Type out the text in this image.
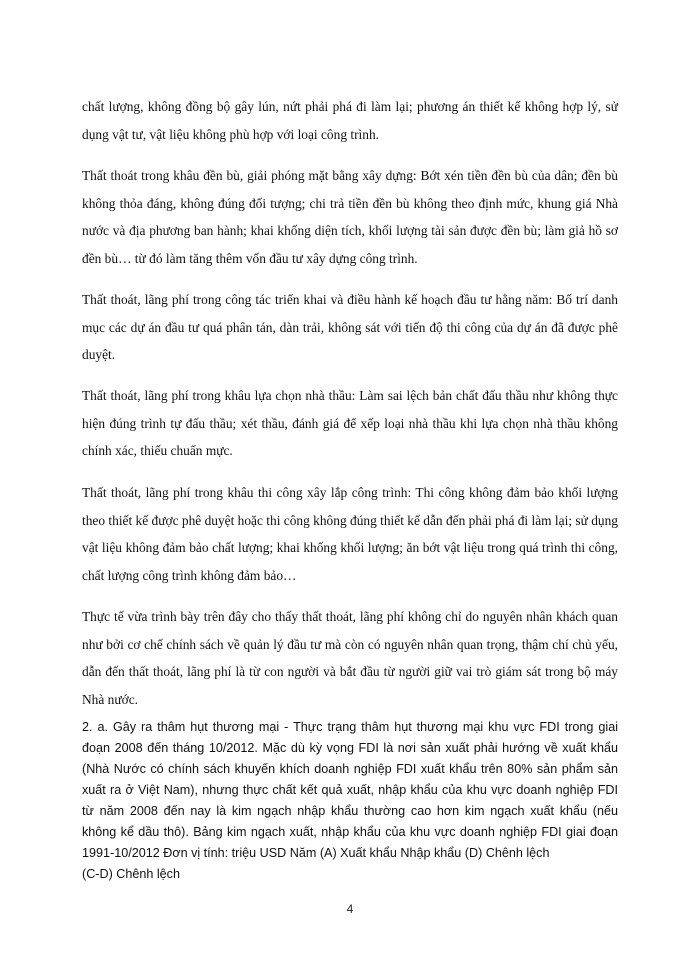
chất lượng, không đồng bộ gây lún, nứt phải phá đi làm lại; phương án thiết kế không hợp lý, sử dụng vật tư, vật liệu không phù hợp với loại công trình.

Thất thoát trong khâu đền bù, giải phóng mặt bằng xây dựng: Bớt xén tiền đền bù của dân; đền bù không thỏa đáng, không đúng đối tượng; chi trả tiền đền bù không theo định mức, khung giá Nhà nước và địa phương ban hành; khai khống diện tích, khối lượng tài sản được đền bù; làm giả hồ sơ đền bù… từ đó làm tăng thêm vốn đầu tư xây dựng công trình.

Thất thoát, lãng phí trong công tác triển khai và điều hành kế hoạch đầu tư hằng năm: Bố trí danh mục các dự án đầu tư quá phân tán, dàn trải, không sát với tiến độ thi công của dự án đã được phê duyệt.

Thất thoát, lãng phí trong khâu lựa chọn nhà thầu: Làm sai lệch bản chất đấu thầu như không thực hiện đúng trình tự đấu thầu; xét thầu, đánh giá để xếp loại nhà thầu khi lựa chọn nhà thầu không chính xác, thiếu chuẩn mực.

Thất thoát, lãng phí trong khâu thi công xây lắp công trình: Thi công không đảm bảo khối lượng theo thiết kế được phê duyệt hoặc thi công không đúng thiết kế dẫn đến phải phá đi làm lại; sử dụng vật liệu không đảm bảo chất lượng; khai khống khối lượng; ăn bớt vật liệu trong quá trình thi công, chất lượng công trình không đảm bảo…

Thực tế vừa trình bày trên đây cho thấy thất thoát, lãng phí không chỉ do nguyên nhân khách quan như bởi cơ chế chính sách về quản lý đầu tư mà còn có nguyên nhân quan trọng, thậm chí chủ yếu, dẫn đến thất thoát, lãng phí là từ con người và bắt đầu từ người giữ vai trò giám sát trong bộ máy Nhà nước.

2. a. Gây ra thâm hụt thương mại - Thực trạng thâm hụt thương mại khu vực FDI trong giai đoạn 2008 đến tháng 10/2012. Mặc dù kỳ vọng FDI là nơi sản xuất phải hướng về xuất khẩu (Nhà Nước có chính sách khuyến khích doanh nghiệp FDI xuất khẩu trên 80% sản phẩm sản xuất ra ở Việt Nam), nhưng thực chất kết quả xuất, nhập khẩu của khu vực doanh nghiệp FDI từ năm 2008 đến nay là kim ngạch nhập khẩu thường cao hơn kim ngạch xuất khẩu (nếu không kể dầu thô). Bảng kim ngạch xuất, nhập khẩu của khu vực doanh nghiệp FDI giai đoạn 1991-10/2012 Đơn vị tính: triệu USD Năm (A) Xuất khẩu Nhập khẩu (D) Chênh lệch
(C-D) Chênh lệch

4
